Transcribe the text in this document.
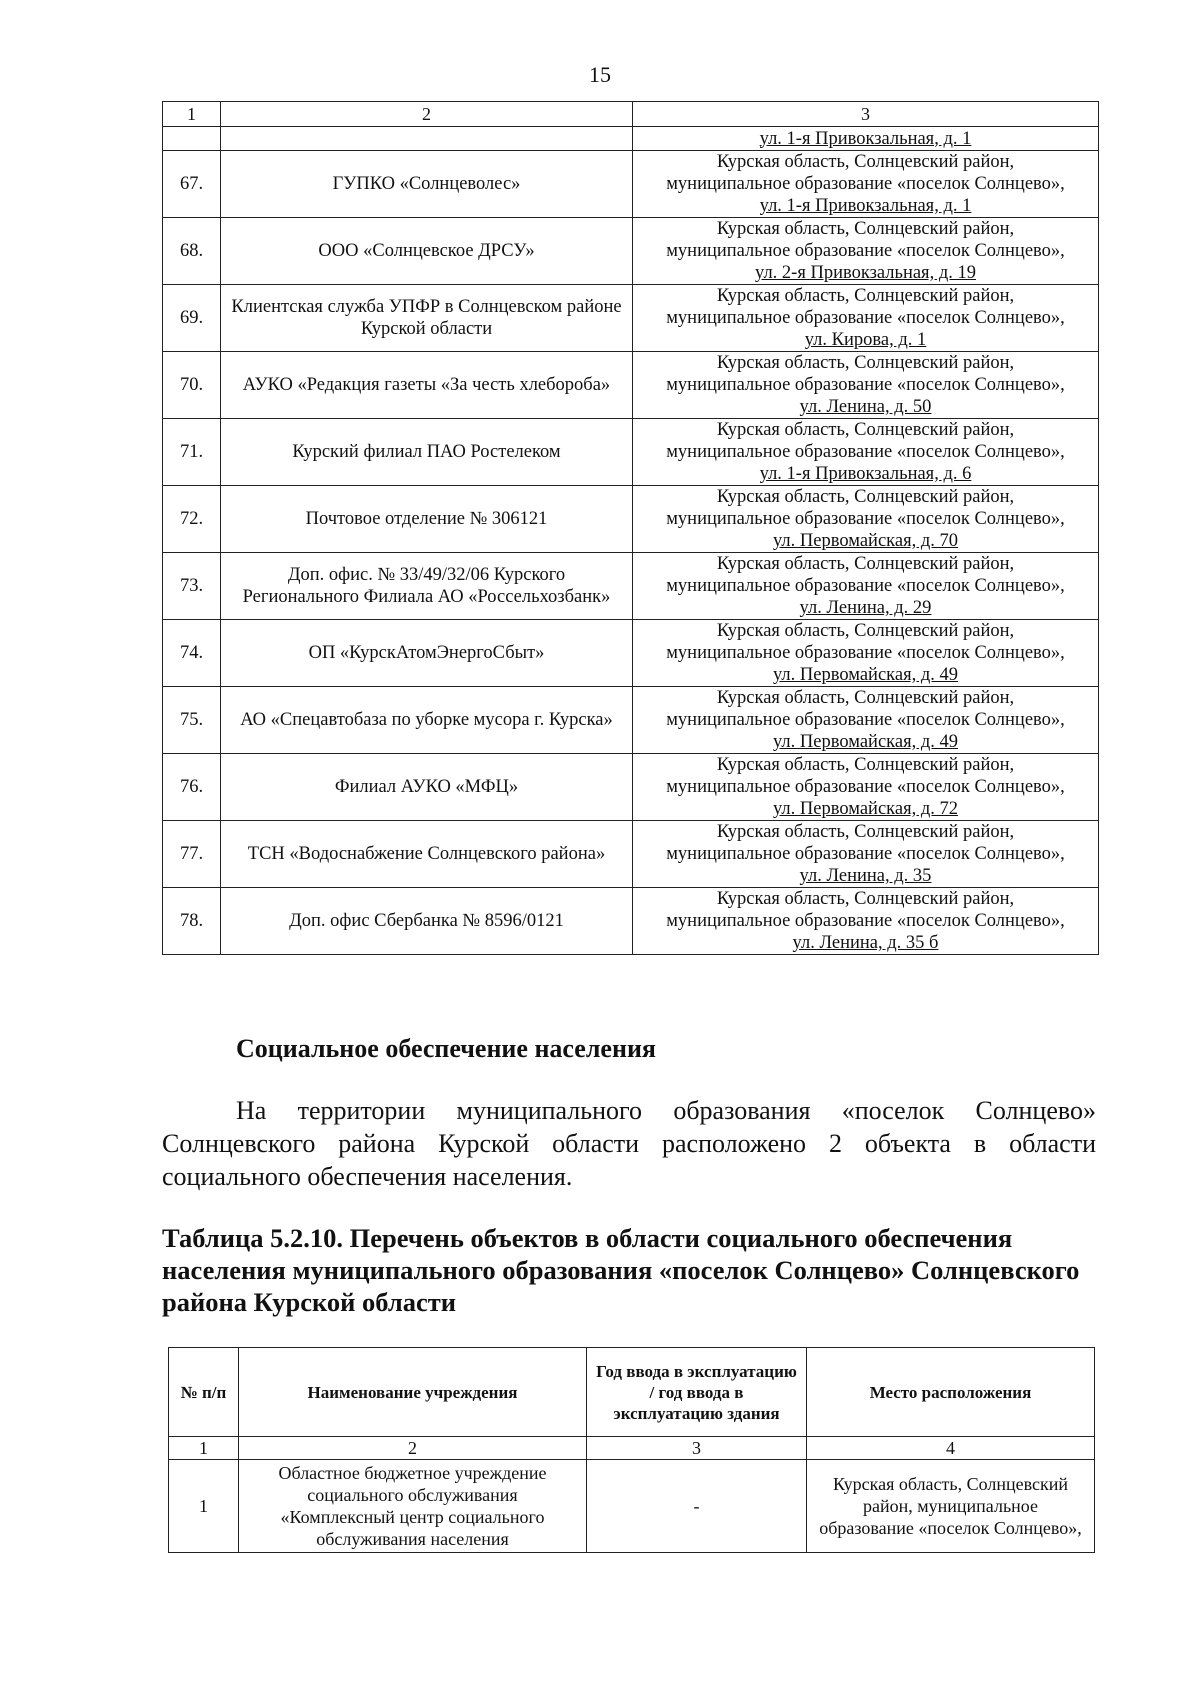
15
1	2	3
		ул. 1-я Привокзальная, д. 1
67.	ГУПКО «Солнцеволес»	Курская область, Солнцевский район,
муниципальное образование «поселок Солнцево»,
ул. 1-я Привокзальная, д. 1

68.	ООО «Солнцевское ДРСУ»	Курская область, Солнцевский район,
муниципальное образование «поселок Солнцево»,
ул. 2-я Привокзальная, д. 19

69.	Клиентская служба УПФР в Солнцевском районе Курской области	Курская область, Солнцевский район,
муниципальное образование «поселок Солнцево»,
ул. Кирова, д. 1

70.	АУКО «Редакция газеты «За честь хлебороба»	Курская область, Солнцевский район,
муниципальное образование «поселок Солнцево»,
ул. Ленина, д. 50

71.	Курский филиал ПАО Ростелеком	Курская область, Солнцевский район,
муниципальное образование «поселок Солнцево»,
ул. 1-я Привокзальная, д. 6

72.	Почтовое отделение № 306121	Курская область, Солнцевский район,
муниципальное образование «поселок Солнцево»,
ул. Первомайская, д. 70

73.	Доп. офис. № 33/49/32/06 Курского Регионального Филиала АО «Россельхозбанк»	Курская область, Солнцевский район,
муниципальное образование «поселок Солнцево»,
ул. Ленина, д. 29

74.	ОП «КурскАтомЭнергоСбыт»	Курская область, Солнцевский район,
муниципальное образование «поселок Солнцево»,
ул. Первомайская, д. 49

75.	АО «Спецавтобаза по уборке мусора г. Курска»	Курская область, Солнцевский район,
муниципальное образование «поселок Солнцево»,
ул. Первомайская, д. 49

76.	Филиал АУКО «МФЦ»	Курская область, Солнцевский район,
муниципальное образование «поселок Солнцево»,
ул. Первомайская, д. 72

77.	ТСН «Водоснабжение Солнцевского района»	Курская область, Солнцевский район,
муниципальное образование «поселок Солнцево»,
ул. Ленина, д. 35

78.	Доп. офис Сбербанка № 8596/0121	Курская область, Солнцевский район,
муниципальное образование «поселок Солнцево»,
ул. Ленина, д. 35 б
Социальное обеспечение населения

На территории муниципального образования «поселок Солнцево» Солнцевского района Курской области расположено 2 объекта в области социального обеспечения населения.

Таблица 5.2.10. Перечень объектов в области социального обеспечения населения муниципального образования «поселок Солнцево» Солнцевского района Курской области
№ п/п	Наименование учреждения	Год ввода в эксплуатацию / год ввода в эксплуатацию здания	Место расположения
1	2	3	4
1	Областное бюджетное учреждение социального обслуживания «Комплексный центр социального обслуживания населения	-	Курская область, Солнцевский район, муниципальное образование «поселок Солнцево»,
